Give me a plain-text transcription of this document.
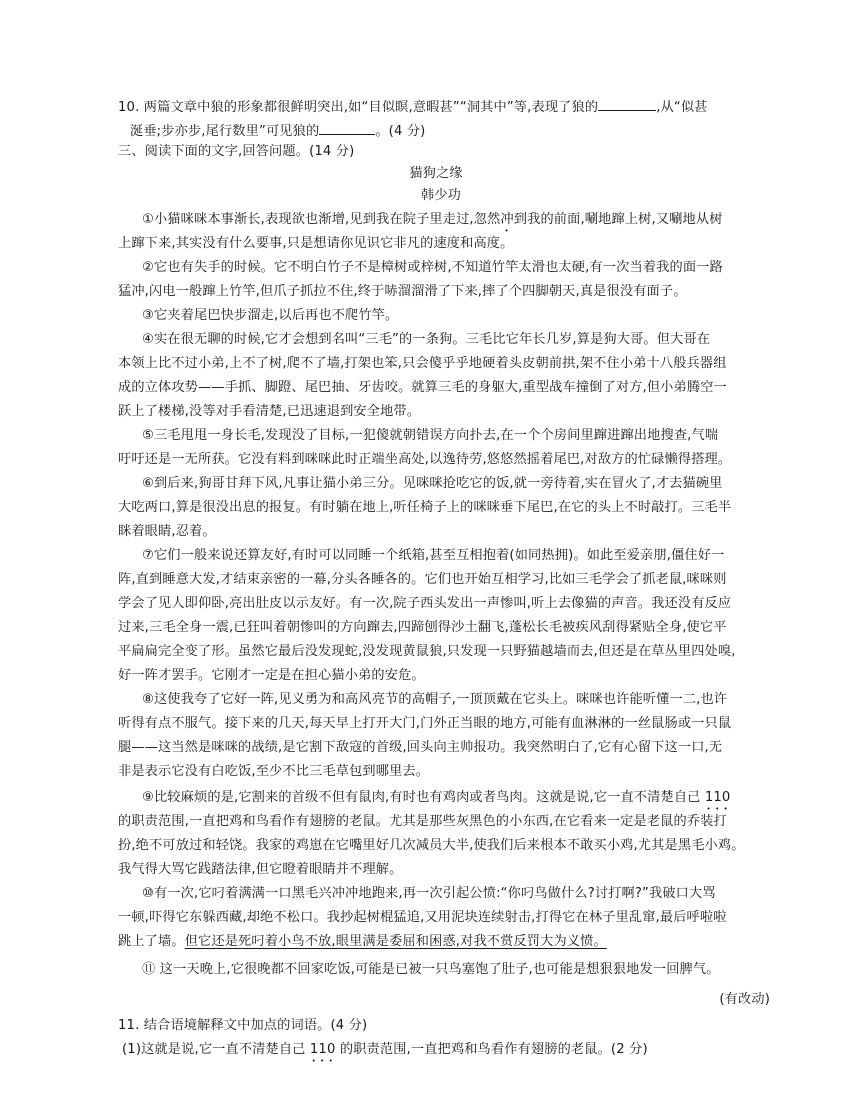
10. 两篇文章中狼的形象都很鲜明突出,如“目似瞑,意暇甚”“洞其中”等,表现了狼的	,从“似甚
涎垂;步亦步,尾行数里”可见狼的	。(4 分)
三、阅读下面的文字,回答问题。(14 分)
猫狗之缘
韩少功
①小猫咪咪本事渐长,表现欲也渐增,见到我在院子里走过,忽然冲到我的前面,唰地蹿上树,又唰地从树
上蹿下来,其实没有什么要事,只是想请你见识它非凡的速度和高度。
②它也有失手的时候。它不明白竹子不是樟树或梓树,不知道竹竿太滑也太硬,有一次当着我的面一路
猛冲,闪电一般蹿上竹竿,但爪子抓拉不住,终于哧溜溜滑了下来,摔了个四脚朝天,真是很没有面子。
③它夹着尾巴快步溜走,以后再也不爬竹竿。
④实在很无聊的时候,它才会想到名叫“三毛”的一条狗。三毛比它年长几岁,算是狗大哥。但大哥在
本领上比不过小弟,上不了树,爬不了墙,打架也笨,只会傻乎乎地硬着头皮朝前拱,架不住小弟十八般兵器组
成的立体攻势——手抓、脚蹬、尾巴抽、牙齿咬。就算三毛的身躯大,重型战车撞倒了对方,但小弟腾空一
跃上了楼梯,没等对手看清楚,已迅速退到安全地带。
⑤三毛甩甩一身长毛,发现没了目标,一犯傻就朝错误方向扑去,在一个个房间里蹿进蹿出地搜查,气喘
吁吁还是一无所获。它没有料到咪咪此时正端坐高处,以逸待劳,悠悠然摇着尾巴,对敌方的忙碌懒得搭理。
⑥到后来,狗哥甘拜下风,凡事让猫小弟三分。见咪咪抢吃它的饭,就一旁待着,实在冒火了,才去猫碗里
大吃两口,算是很没出息的报复。有时躺在地上,听任椅子上的咪咪垂下尾巴,在它的头上不时敲打。三毛半
眯着眼睛,忍着。
⑦它们一般来说还算友好,有时可以同睡一个纸箱,甚至互相抱着(如同热拥)。如此至爱亲朋,僵住好一
阵,直到睡意大发,才结束亲密的一幕,分头各睡各的。它们也开始互相学习,比如三毛学会了抓老鼠,咪咪则
学会了见人即仰卧,亮出肚皮以示友好。有一次,院子西头发出一声惨叫,听上去像猫的声音。我还没有反应
过来,三毛全身一震,已狂叫着朝惨叫的方向蹿去,四蹄刨得沙土翻飞,蓬松长毛被疾风刮得紧贴全身,使它平
平扁扁完全变了形。虽然它最后没发现蛇,没发现黄鼠狼,只发现一只野猫越墙而去,但还是在草丛里四处嗅,
好一阵才罢手。它刚才一定是在担心猫小弟的安危。
⑧这使我夸了它好一阵,见义勇为和高风亮节的高帽子,一顶顶戴在它头上。咪咪也许能听懂一二,也许
听得有点不服气。接下来的几天,每天早上打开大门,门外正当眼的地方,可能有血淋淋的一丝鼠肠或一只鼠
腿——这当然是咪咪的战绩,是它割下敌寇的首级,回头向主帅报功。我突然明白了,它有心留下这一口,无
非是表示它没有白吃饭,至少不比三毛草包到哪里去。
⑨比较麻烦的是,它割来的首级不但有鼠肉,有时也有鸡肉或者鸟肉。这就是说,它一直不清楚自己 110
的职责范围,一直把鸡和鸟看作有翅膀的老鼠。尤其是那些灰黑色的小东西,在它看来一定是老鼠的乔装打
扮,绝不可放过和轻饶。我家的鸡崽在它嘴里好几次减员大半,使我们后来根本不敢买小鸡,尤其是黑毛小鸡。
我气得大骂它践踏法律,但它瞪着眼睛并不理解。
⑩有一次,它叼着满满一口黑毛兴冲冲地跑来,再一次引起公愤:“你叼鸟做什么?讨打啊?”我破口大骂
一顿,吓得它东躲西藏,却绝不松口。我抄起树棍猛追,又用泥块连续射击,打得它在林子里乱窜,最后呼啦啦
跳上了墙。但它还是死叼着小鸟不放,眼里满是委屈和困惑,对我不赏反罚大为义愤。
⑪ 这一天晚上,它很晚都不回家吃饭,可能是已被一只鸟塞饱了肚子,也可能是想狠狠地发一回脾气。
(有改动)
11. 结合语境解释文中加点的词语。(4 分)
(1)这就是说,它一直不清楚自己 110 的职责范围,一直把鸡和鸟看作有翅膀的老鼠。(2 分)
